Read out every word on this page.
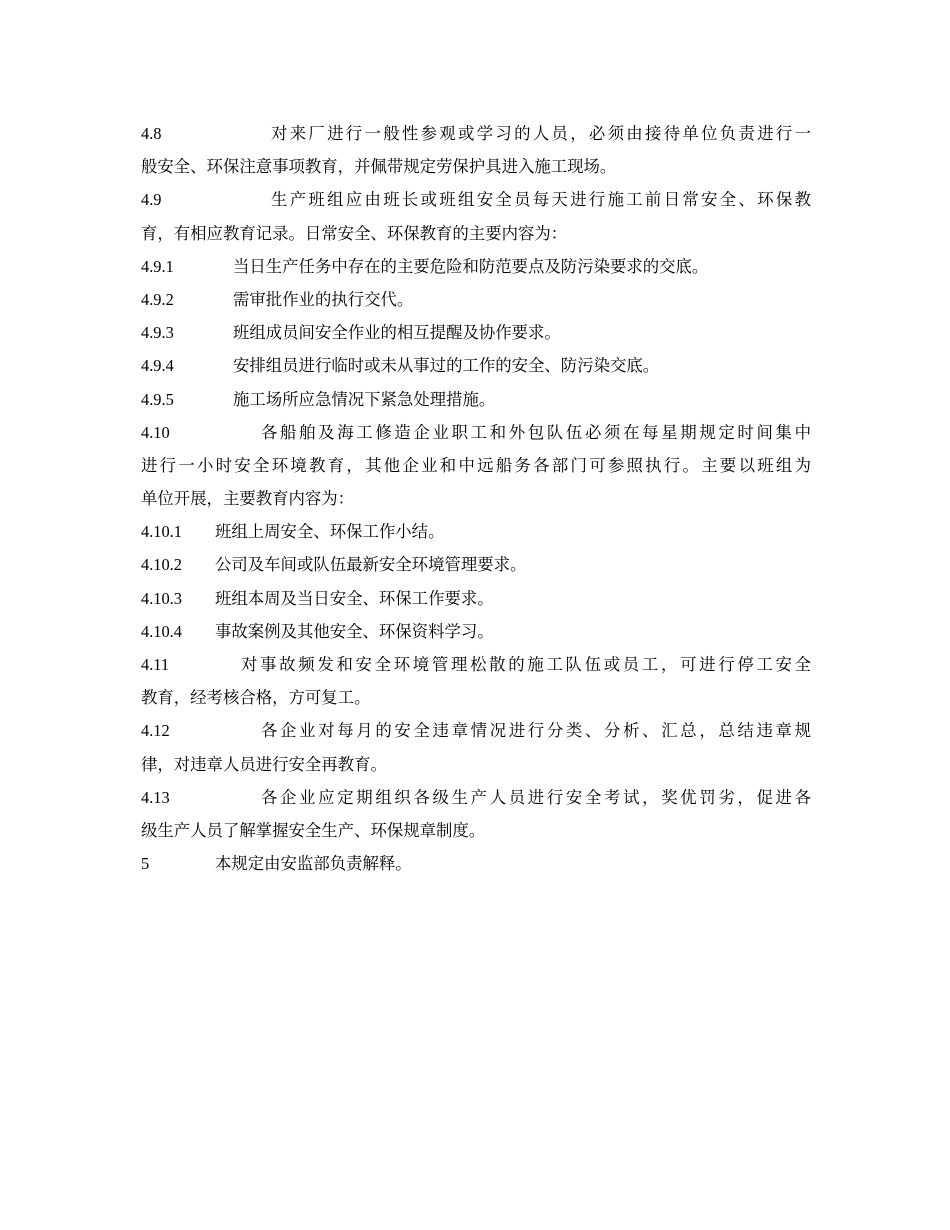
4.8	对来厂进行一般性参观或学习的人员，必须由接待单位负责进行一
般安全、环保注意事项教育，并佩带规定劳保护具进入施工现场。
4.9	生产班组应由班长或班组安全员每天进行施工前日常安全、环保教
育，有相应教育记录。日常安全、环保教育的主要内容为：
4.9.1	当日生产任务中存在的主要危险和防范要点及防污染要求的交底。
4.9.2	需审批作业的执行交代。
4.9.3	班组成员间安全作业的相互提醒及协作要求。
4.9.4	安排组员进行临时或未从事过的工作的安全、防污染交底。
4.9.5	施工场所应急情况下紧急处理措施。
4.10	各船舶及海工修造企业职工和外包队伍必须在每星期规定时间集中
进行一小时安全环境教育，其他企业和中远船务各部门可参照执行。主要以班组为
单位开展，主要教育内容为：
4.10.1 班组上周安全、环保工作小结。
4.10.2 公司及车间或队伍最新安全环境管理要求。
4.10.3 班组本周及当日安全、环保工作要求。
4.10.4 事故案例及其他安全、环保资料学习。
4.11	对事故频发和安全环境管理松散的施工队伍或员工，可进行停工安全
教育，经考核合格，方可复工。
4.12	各企业对每月的安全违章情况进行分类、分析、汇总，总结违章规
律，对违章人员进行安全再教育。
4.13	各企业应定期组织各级生产人员进行安全考试，奖优罚劣，促进各
级生产人员了解掌握安全生产、环保规章制度。
5	本规定由安监部负责解释。
